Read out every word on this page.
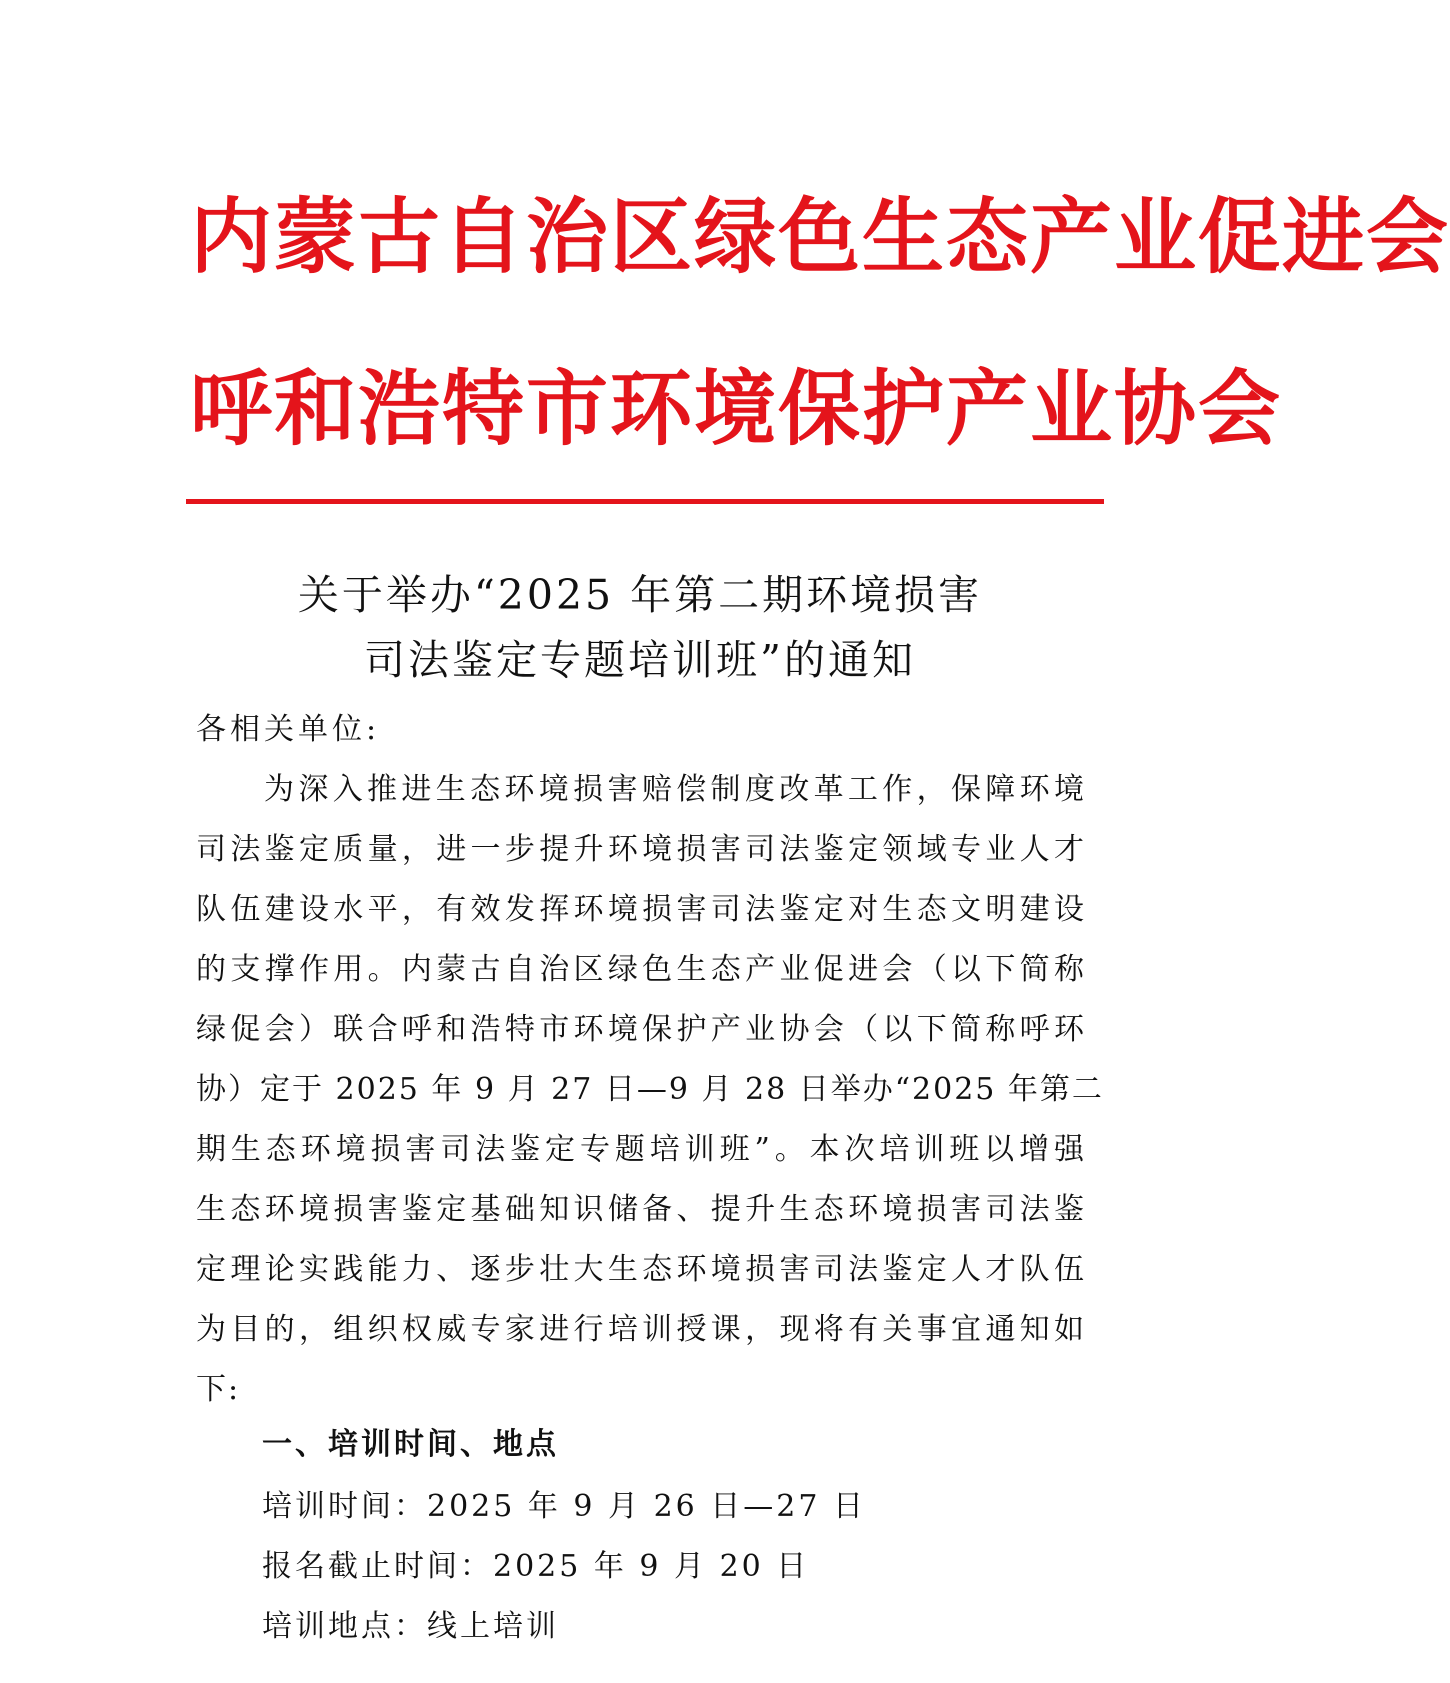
内蒙古自治区绿色生态产业促进会
呼和浩特市环境保护产业协会
关于举办“2025 年第二期环境损害
司法鉴定专题培训班”的通知
各相关单位:
为深入推进生态环境损害赔偿制度改革工作，保障环境
司法鉴定质量，进一步提升环境损害司法鉴定领域专业人才
队伍建设水平，有效发挥环境损害司法鉴定对生态文明建设
的支撑作用。内蒙古自治区绿色生态产业促进会（以下简称
绿促会）联合呼和浩特市环境保护产业协会（以下简称呼环
协）定于 2025 年 9 月 27 日—9 月 28 日举办“2025 年第二
期生态环境损害司法鉴定专题培训班”。本次培训班以增强
生态环境损害鉴定基础知识储备、提升生态环境损害司法鉴
定理论实践能力、逐步壮大生态环境损害司法鉴定人才队伍
为目的，组织权威专家进行培训授课，现将有关事宜通知如
下:
一、培训时间、地点
培训时间：2025 年 9 月 26 日—27 日
报名截止时间：2025 年 9 月 20 日
培训地点：线上培训
